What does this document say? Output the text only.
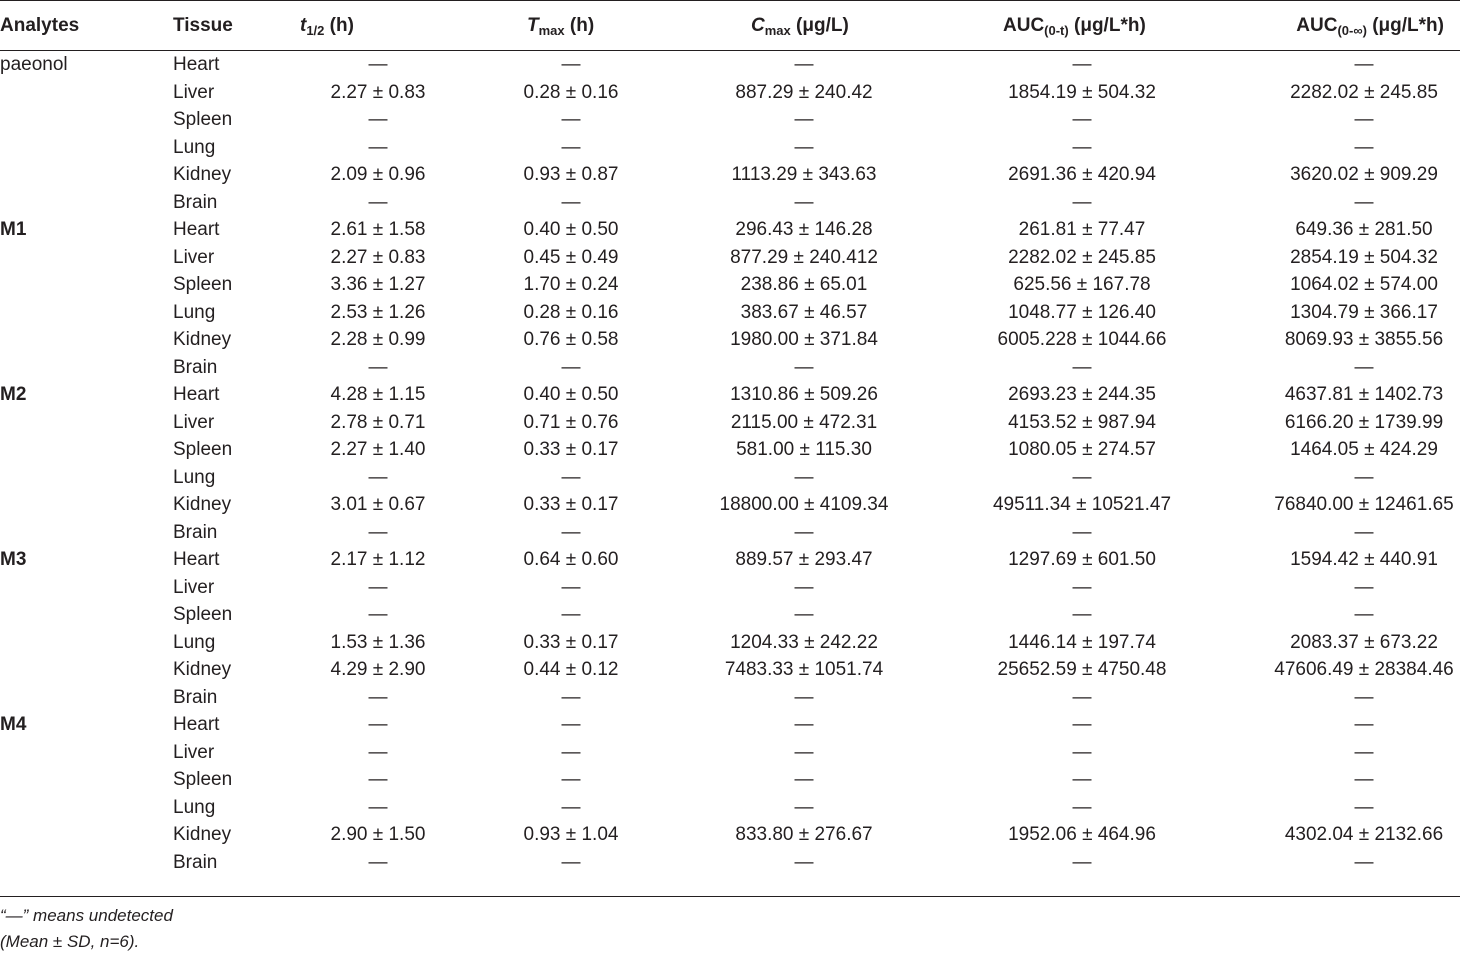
Analytes	Tissue	$t_{1/2}$ (h)	$T_{max}$ (h)	$C_{max}$ (μg/L)	$AUC_{(0-t)}$ (μg/L*h)	$AUC_{(0-\infty)}$ (μg/L*h)
paeonol	Heart	—	—	—	—	—
	Liver	2.27 ± 0.83	0.28 ± 0.16	887.29 ± 240.42	1854.19 ± 504.32	2282.02 ± 245.85
	Spleen	—	—	—	—	—
	Lung	—	—	—	—	—
	Kidney	2.09 ± 0.96	0.93 ± 0.87	1113.29 ± 343.63	2691.36 ± 420.94	3620.02 ± 909.29
	Brain	—	—	—	—	—
M1	Heart	2.61 ± 1.58	0.40 ± 0.50	296.43 ± 146.28	261.81 ± 77.47	649.36 ± 281.50
	Liver	2.27 ± 0.83	0.45 ± 0.49	877.29 ± 240.412	2282.02 ± 245.85	2854.19 ± 504.32
	Spleen	3.36 ± 1.27	1.70 ± 0.24	238.86 ± 65.01	625.56 ± 167.78	1064.02 ± 574.00
	Lung	2.53 ± 1.26	0.28 ± 0.16	383.67 ± 46.57	1048.77 ± 126.40	1304.79 ± 366.17
	Kidney	2.28 ± 0.99	0.76 ± 0.58	1980.00 ± 371.84	6005.228 ± 1044.66	8069.93 ± 3855.56
	Brain	—	—	—	—	—
M2	Heart	4.28 ± 1.15	0.40 ± 0.50	1310.86 ± 509.26	2693.23 ± 244.35	4637.81 ± 1402.73
	Liver	2.78 ± 0.71	0.71 ± 0.76	2115.00 ± 472.31	4153.52 ± 987.94	6166.20 ± 1739.99
	Spleen	2.27 ± 1.40	0.33 ± 0.17	581.00 ± 115.30	1080.05 ± 274.57	1464.05 ± 424.29
	Lung	—	—	—	—	—
	Kidney	3.01 ± 0.67	0.33 ± 0.17	18800.00 ± 4109.34	49511.34 ± 10521.47	76840.00 ± 12461.65
	Brain	—	—	—	—	—
M3	Heart	2.17 ± 1.12	0.64 ± 0.60	889.57 ± 293.47	1297.69 ± 601.50	1594.42 ± 440.91
	Liver	—	—	—	—	—
	Spleen	—	—	—	—	—
	Lung	1.53 ± 1.36	0.33 ± 0.17	1204.33 ± 242.22	1446.14 ± 197.74	2083.37 ± 673.22
	Kidney	4.29 ± 2.90	0.44 ± 0.12	7483.33 ± 1051.74	25652.59 ± 4750.48	47606.49 ± 28384.46
	Brain	—	—	—	—	—
M4	Heart	—	—	—	—	—
	Liver	—	—	—	—	—
	Spleen	—	—	—	—	—
	Lung	—	—	—	—	—
	Kidney	2.90 ± 1.50	0.93 ± 1.04	833.80 ± 276.67	1952.06 ± 464.96	4302.04 ± 2132.66
	Brain	—	—	—	—	—
“—” means undetected
(Mean ± SD, n=6).
